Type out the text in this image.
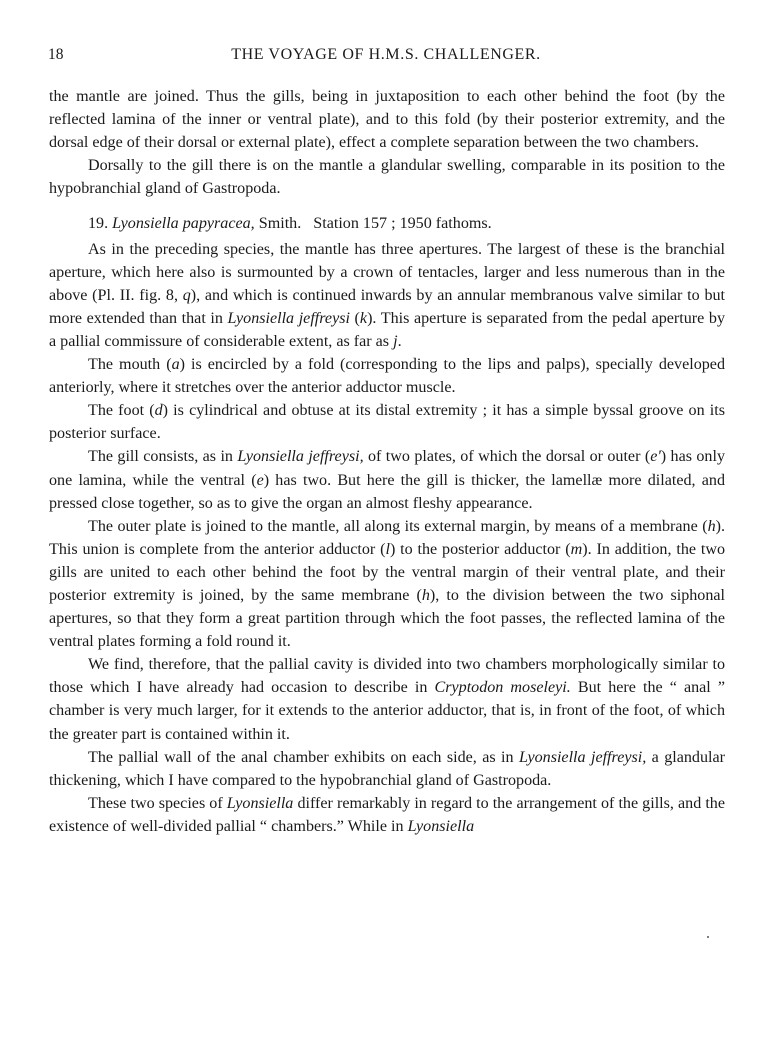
18	THE VOYAGE OF H.M.S. CHALLENGER.

the mantle are joined. Thus the gills, being in juxtaposition to each other behind the foot (by the reflected lamina of the inner or ventral plate), and to this fold (by their posterior extremity, and the dorsal edge of their dorsal or external plate), effect a complete separation between the two chambers.

Dorsally to the gill there is on the mantle a glandular swelling, comparable in its position to the hypobranchial gland of Gastropoda.

19. Lyonsiella papyracea, Smith.   Station 157 ; 1950 fathoms.

As in the preceding species, the mantle has three apertures. The largest of these is the branchial aperture, which here also is surmounted by a crown of tentacles, larger and less numerous than in the above (Pl. II. fig. 8, q), and which is continued inwards by an annular membranous valve similar to but more extended than that in Lyonsiella jeffreysi (k). This aperture is separated from the pedal aperture by a pallial commissure of considerable extent, as far as j.

The mouth (a) is encircled by a fold (corresponding to the lips and palps), specially developed anteriorly, where it stretches over the anterior adductor muscle.

The foot (d) is cylindrical and obtuse at its distal extremity ; it has a simple byssal groove on its posterior surface.

The gill consists, as in Lyonsiella jeffreysi, of two plates, of which the dorsal or outer (e') has only one lamina, while the ventral (e) has two. But here the gill is thicker, the lamellæ more dilated, and pressed close together, so as to give the organ an almost fleshy appearance.

The outer plate is joined to the mantle, all along its external margin, by means of a membrane (h). This union is complete from the anterior adductor (l) to the posterior adductor (m). In addition, the two gills are united to each other behind the foot by the ventral margin of their ventral plate, and their posterior extremity is joined, by the same membrane (h), to the division between the two siphonal apertures, so that they form a great partition through which the foot passes, the reflected lamina of the ventral plates forming a fold round it.

We find, therefore, that the pallial cavity is divided into two chambers morphologically similar to those which I have already had occasion to describe in Cryptodon moseleyi. But here the “ anal ” chamber is very much larger, for it extends to the anterior adductor, that is, in front of the foot, of which the greater part is contained within it.

The pallial wall of the anal chamber exhibits on each side, as in Lyonsiella jeffreysi, a glandular thickening, which I have compared to the hypobranchial gland of Gastropoda.

These two species of Lyonsiella differ remarkably in regard to the arrangement of the gills, and the existence of well-divided pallial “ chambers.” While in Lyonsiella
